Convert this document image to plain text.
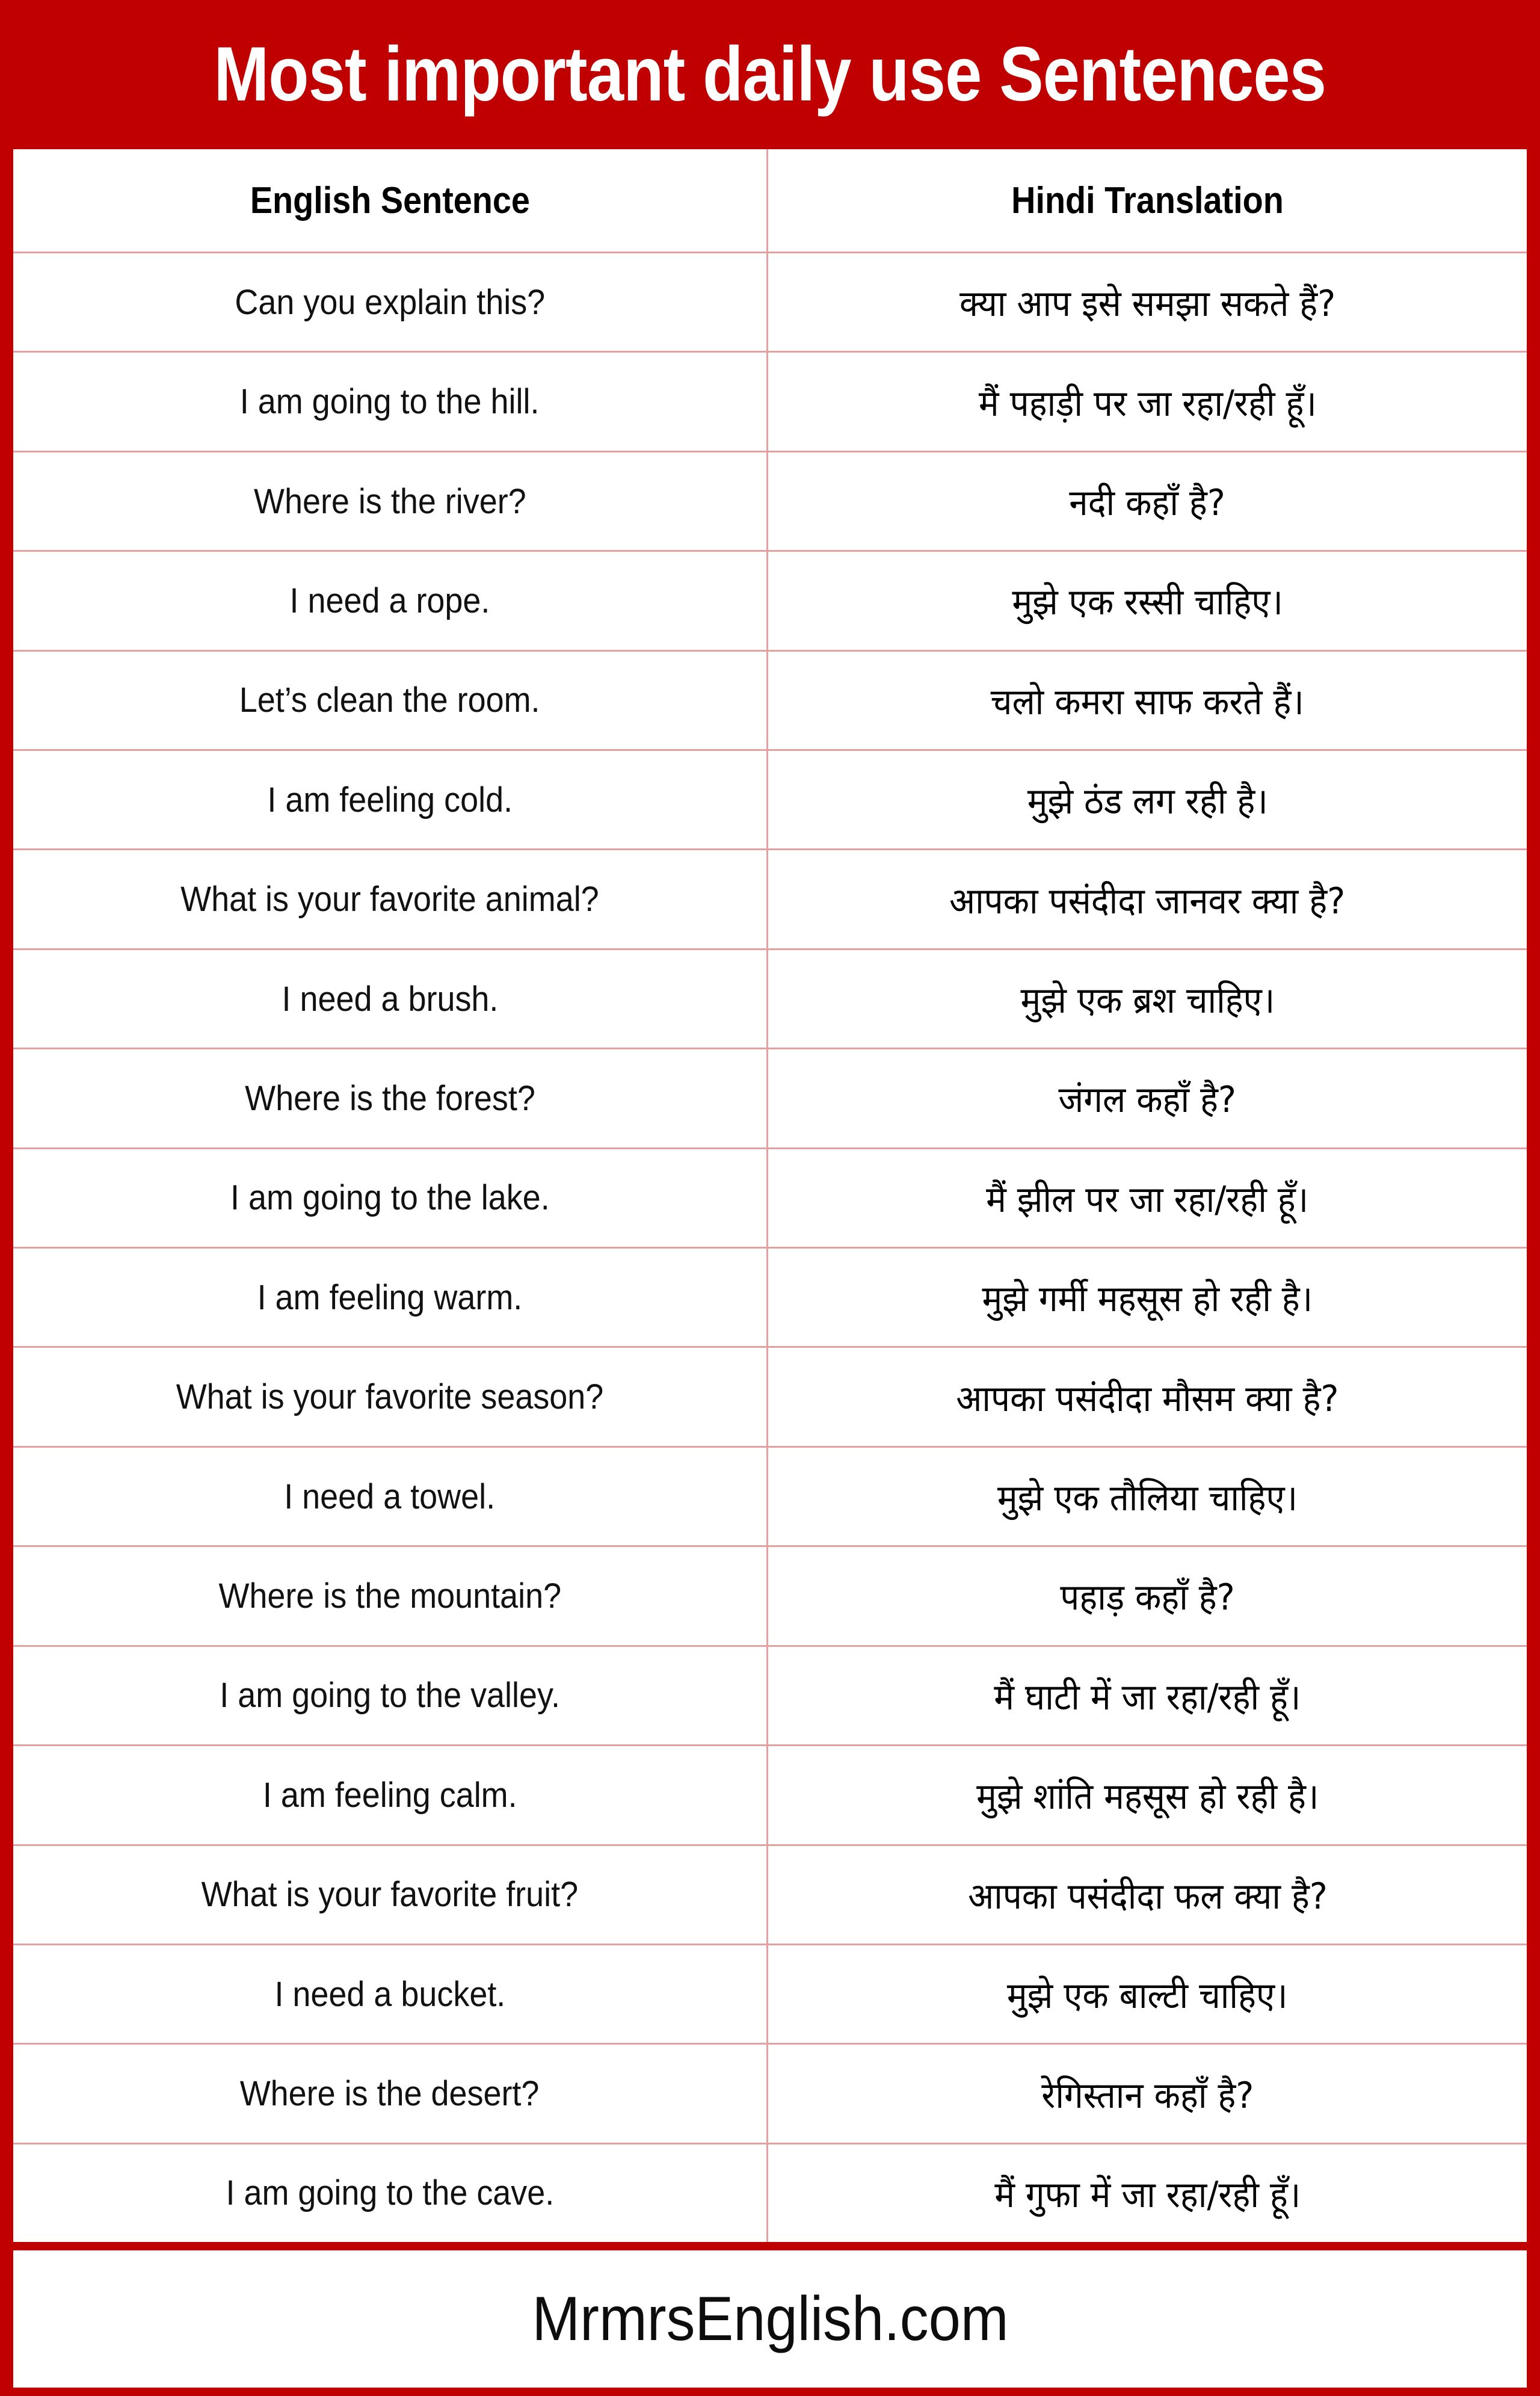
Most important daily use Sentences
English Sentence	Hindi Translation
Can you explain this?	क्या आप इसे समझा सकते हैं?
I am going to the hill.	मैं पहाड़ी पर जा रहा/रही हूँ।
Where is the river?	नदी कहाँ है?
I need a rope.	मुझे एक रस्सी चाहिए।
Let’s clean the room.	चलो कमरा साफ करते हैं।
I am feeling cold.	मुझे ठंड लग रही है।
What is your favorite animal?	आपका पसंदीदा जानवर क्या है?
I need a brush.	मुझे एक ब्रश चाहिए।
Where is the forest?	जंगल कहाँ है?
I am going to the lake.	मैं झील पर जा रहा/रही हूँ।
I am feeling warm.	मुझे गर्मी महसूस हो रही है।
What is your favorite season?	आपका पसंदीदा मौसम क्या है?
I need a towel.	मुझे एक तौलिया चाहिए।
Where is the mountain?	पहाड़ कहाँ है?
I am going to the valley.	मैं घाटी में जा रहा/रही हूँ।
I am feeling calm.	मुझे शांति महसूस हो रही है।
What is your favorite fruit?	आपका पसंदीदा फल क्या है?
I need a bucket.	मुझे एक बाल्टी चाहिए।
Where is the desert?	रेगिस्तान कहाँ है?
I am going to the cave.	मैं गुफा में जा रहा/रही हूँ।
MrmrsEnglish.com
